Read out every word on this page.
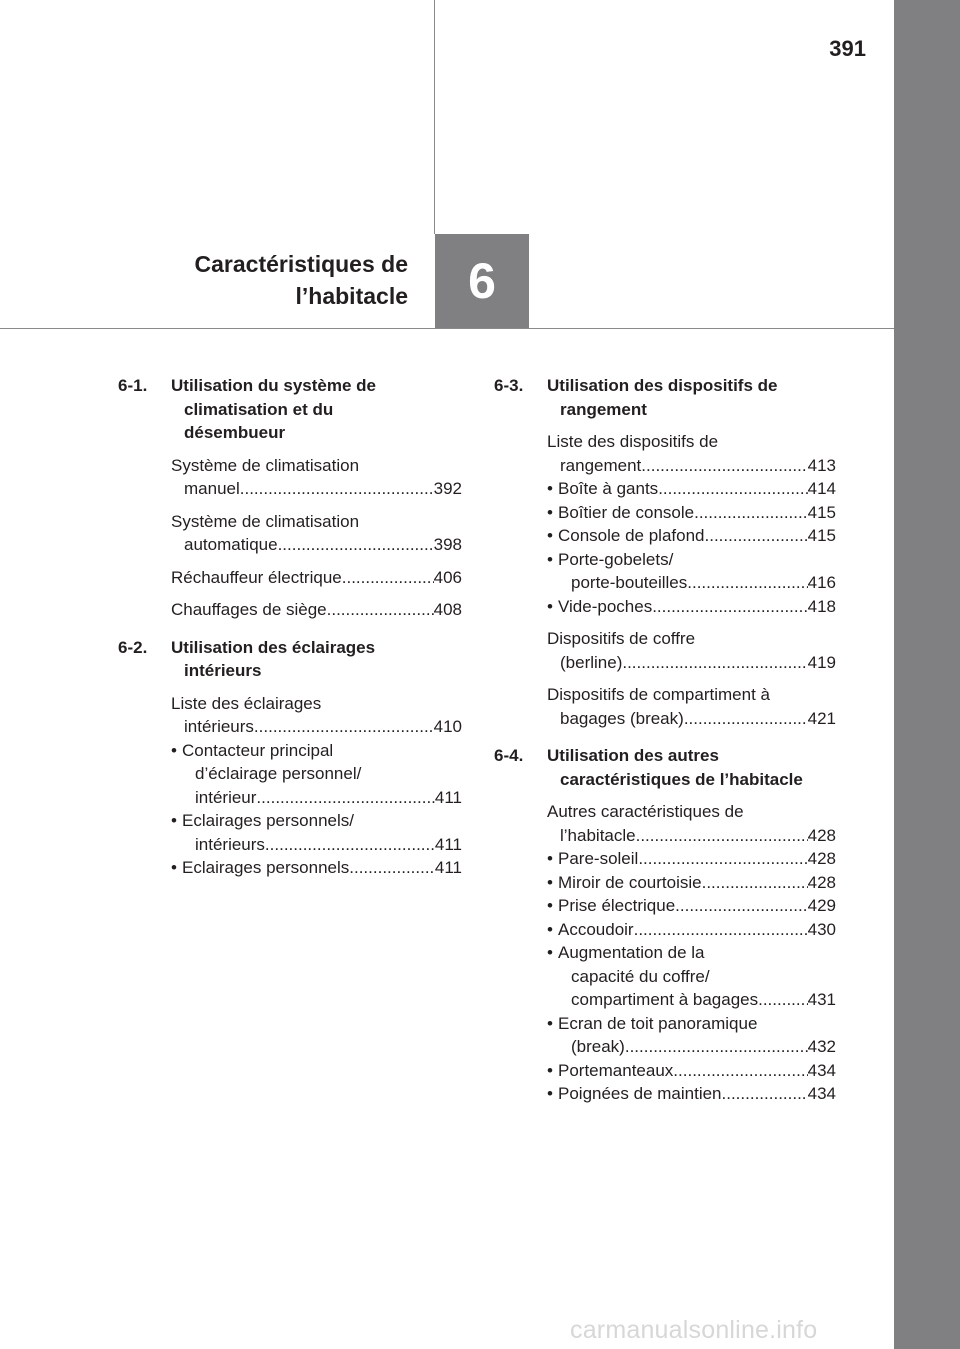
391
Caractéristiques de
l’habitacle	6
6-1. Utilisation du système de
climatisation et du
désembueur
Système de climatisation
manuel .....	392
Système de climatisation
automatique .....	398
Réchauffeur électrique .....	406
Chauffages de siège .....	408
6-2. Utilisation des éclairages
intérieurs
Liste des éclairages
intérieurs .....	410
• Contacteur principal
d’éclairage personnel/
intérieur .....	411
• Eclairages personnels/
intérieurs .....	411
• Eclairages personnels .....	411
6-3. Utilisation des dispositifs de
rangement
Liste des dispositifs de
rangement .....	413
• Boîte à gants .....	414
• Boîtier de console .....	415
• Console de plafond .....	415
• Porte-gobelets/
porte-bouteilles .....	416
• Vide-poches .....	418
Dispositifs de coffre
(berline) .....	419
Dispositifs de compartiment à
bagages (break) .....	421
6-4. Utilisation des autres
caractéristiques de l’habitacle
Autres caractéristiques de
l’habitacle .....	428
• Pare-soleil .....	428
• Miroir de courtoisie .....	428
• Prise électrique .....	429
• Accoudoir .....	430
• Augmentation de la
capacité du coffre/
compartiment à bagages .....	431
• Ecran de toit panoramique
(break) .....	432
• Portemanteaux .....	434
• Poignées de maintien .....	434
carmanualsonline.info
